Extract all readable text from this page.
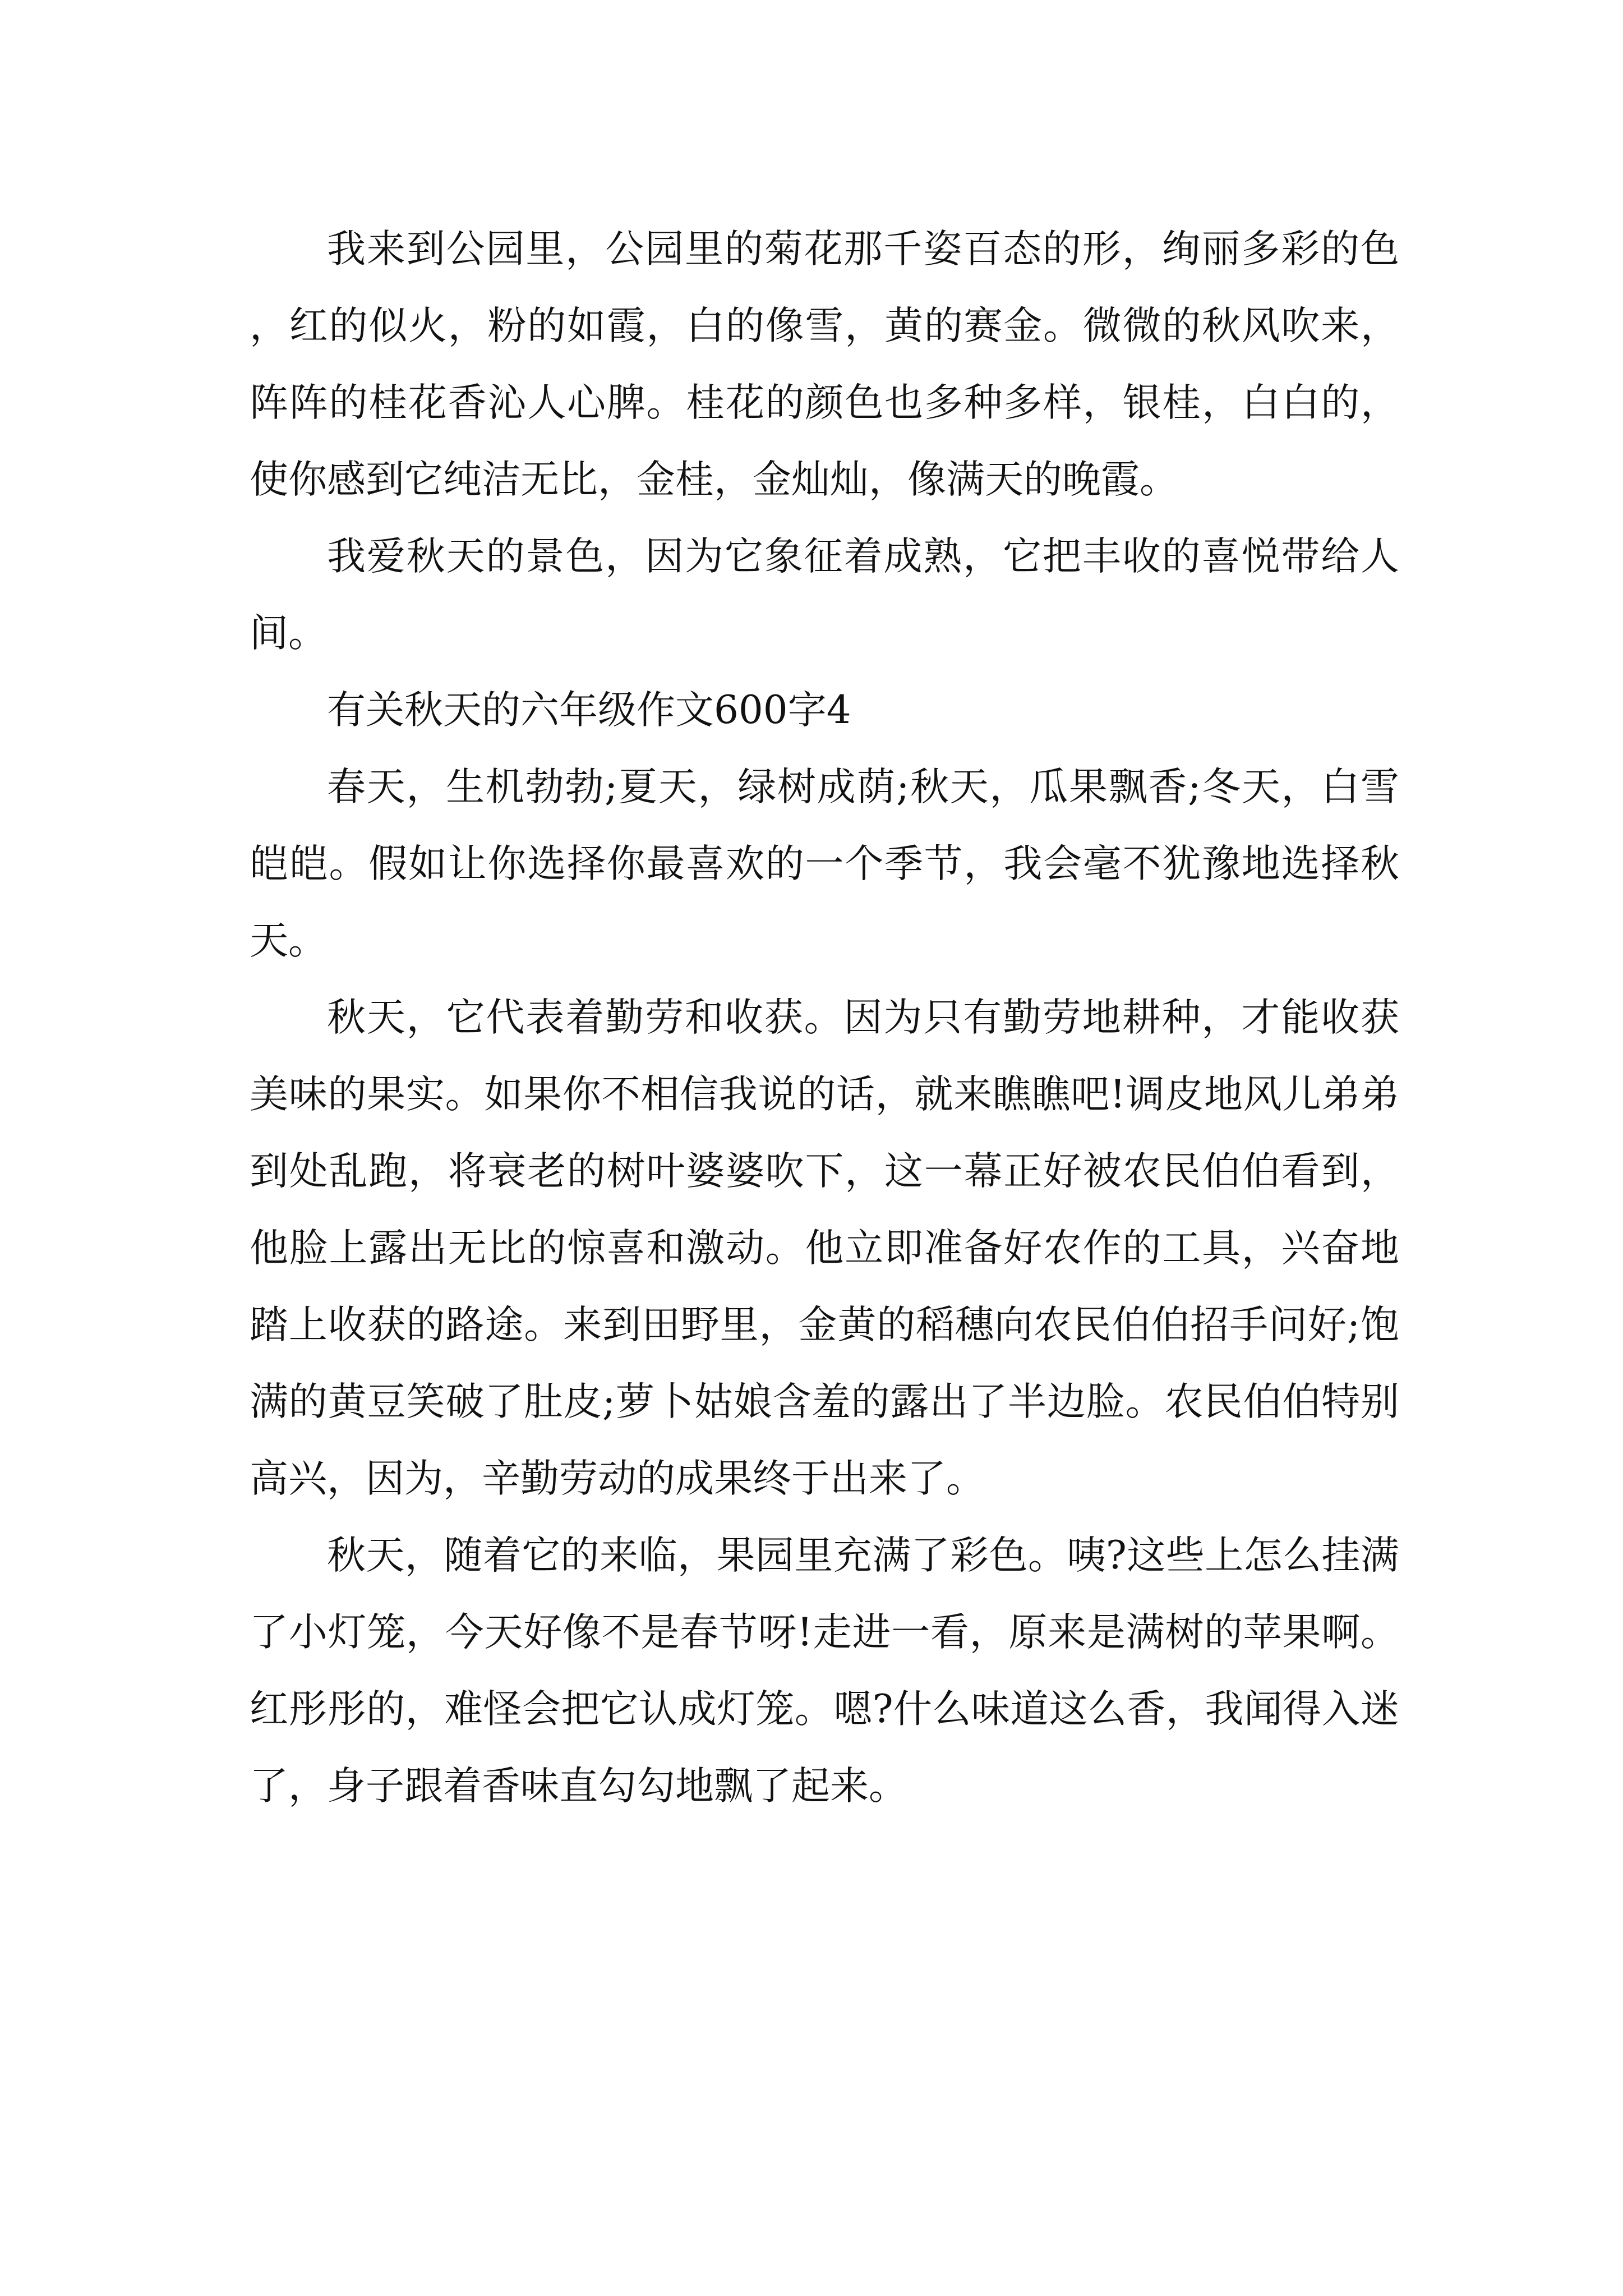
我来到公园里，公园里的菊花那千姿百态的形，绚丽多彩的色，红的似火，粉的如霞，白的像雪，黄的赛金。微微的秋风吹来，阵阵的桂花香沁人心脾。桂花的颜色也多种多样，银桂，白白的，使你感到它纯洁无比，金桂，金灿灿，像满天的晚霞。

我爱秋天的景色，因为它象征着成熟，它把丰收的喜悦带给人间。

有关秋天的六年级作文600字4

春天，生机勃勃;夏天，绿树成荫;秋天，瓜果飘香;冬天，白雪皑皑。假如让你选择你最喜欢的一个季节，我会毫不犹豫地选择秋天。

秋天，它代表着勤劳和收获。因为只有勤劳地耕种，才能收获美味的果实。如果你不相信我说的话，就来瞧瞧吧!调皮地风儿弟弟到处乱跑，将衰老的树叶婆婆吹下，这一幕正好被农民伯伯看到，他脸上露出无比的惊喜和激动。他立即准备好农作的工具，兴奋地踏上收获的路途。来到田野里，金黄的稻穗向农民伯伯招手问好;饱满的黄豆笑破了肚皮;萝卜姑娘含羞的露出了半边脸。农民伯伯特别高兴，因为，辛勤劳动的成果终于出来了。

秋天，随着它的来临，果园里充满了彩色。咦?这些上怎么挂满了小灯笼，今天好像不是春节呀!走进一看，原来是满树的苹果啊。红彤彤的，难怪会把它认成灯笼。嗯?什么味道这么香，我闻得入迷了，身子跟着香味直勾勾地飘了起来。
